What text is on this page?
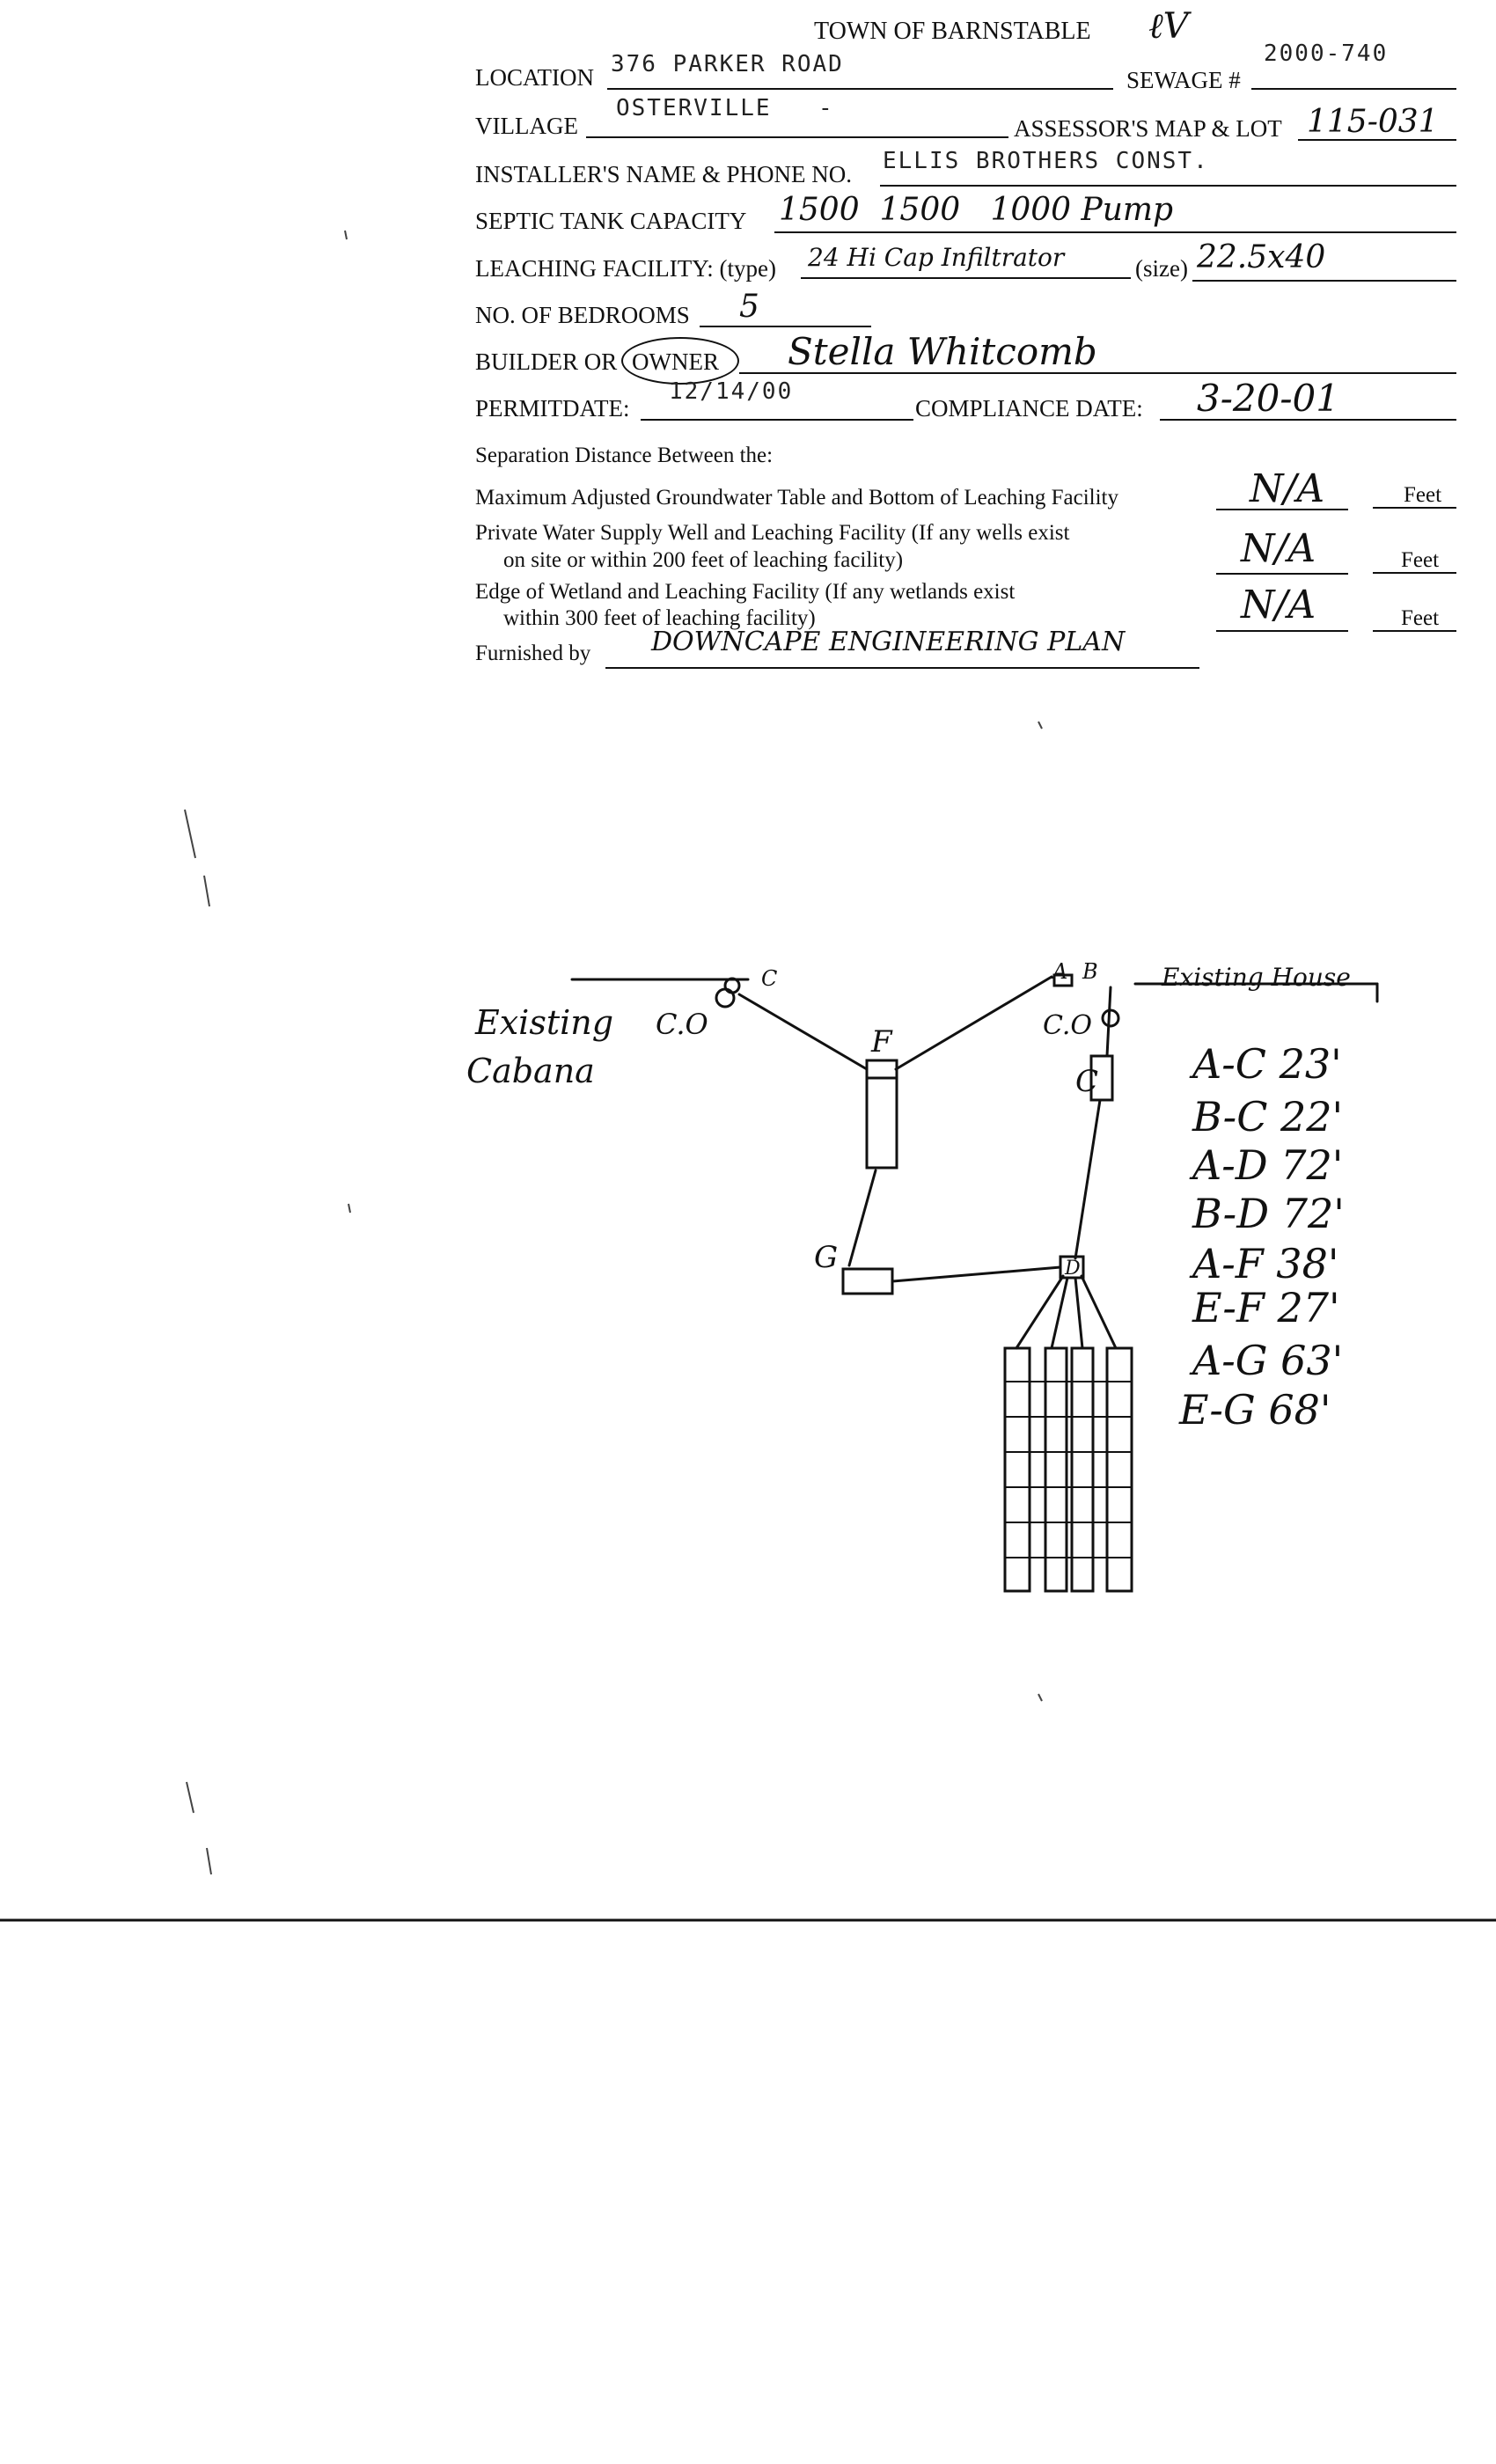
TOWN OF BARNSTABLE ℓV
LOCATION 376 PARKER ROAD
SEWAGE #
2000-740
VILLAGE
OSTERVILLE -
ASSESSOR'S MAP & LOT 115-031
INSTALLER'S NAME & PHONE NO. ELLIS BROTHERS CONST.
SEPTIC TANK CAPACITY 1500  1500   1000 Pump
LEACHING FACILITY: (type) 24 Hi Cap Infiltrator	(size) 22.5x40
NO. OF BEDROOMS 5
BUILDER OR OWNER Stella Whitcomb
PERMITDATE:
12/14/00
COMPLIANCE DATE: 3-20-01
Separation Distance Between the:
Maximum Adjusted Groundwater Table and Bottom of Leaching Facility	N/A	Feet
Private Water Supply Well and Leaching Facility (If any wells exist
on site or within 200 feet of leaching facility)	N/A	Feet
Edge of Wetland and Leaching Facility (If any wetlands exist
within 300 feet of leaching facility)	N/A	Feet
Furnished by DOWNCAPE ENGINEERING PLAN
Existing
Cabana
C.O	C.O
Existing House
A B
C
F
C
G	D
A-C 23'
B-C 22'
A-D 72'
B-D 72'
A-F 38'
E-F 27'
A-G 63'
E-G 68'
